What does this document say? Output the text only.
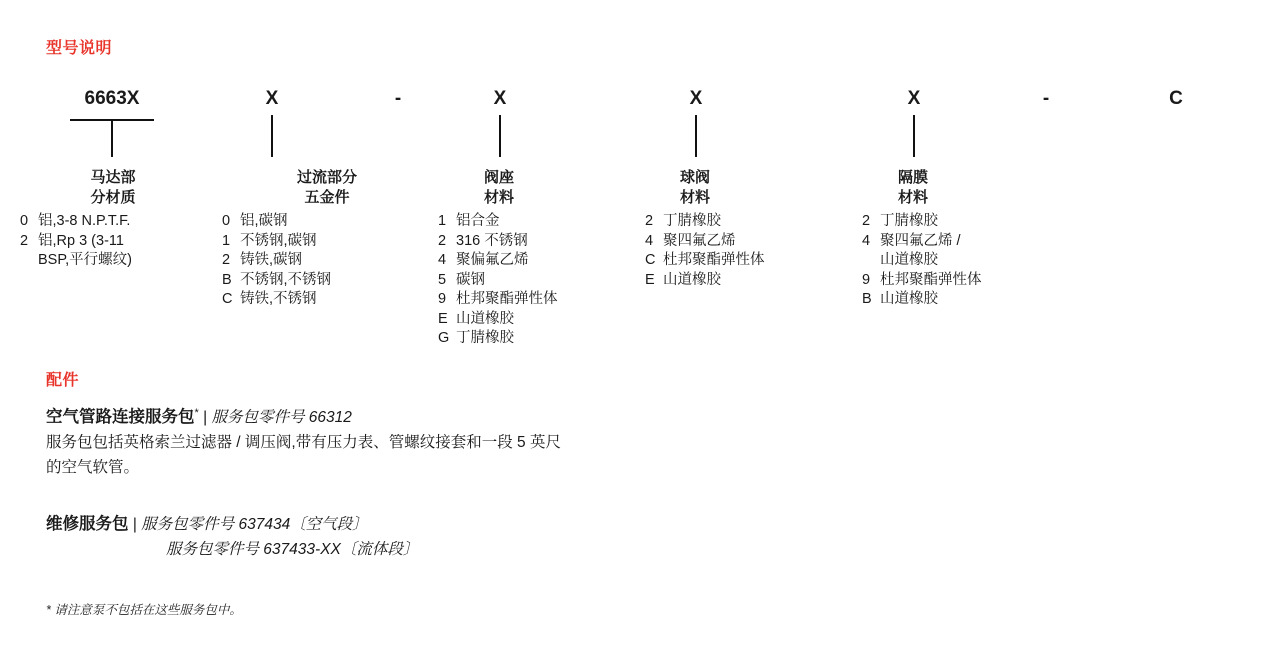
型号说明
6663X	X	-	X	X	X	-	C
马达部
分材质
0 铝,3-8 N.P.T.F.
2 铝,Rp 3 (3-11
BSP,平行螺纹)
过流部分
五金件
0 铝,碳钢
1 不锈钢,碳钢
2 铸铁,碳钢
B 不锈钢,不锈钢
C 铸铁,不锈钢
阀座
材料
1 铝合金
2 316 不锈钢
4 聚偏氟乙烯
5 碳钢
9 杜邦聚酯弹性体
E 山道橡胶
G 丁腈橡胶
球阀
材料
2 丁腈橡胶
4 聚四氟乙烯
C 杜邦聚酯弹性体
E 山道橡胶
隔膜
材料
2 丁腈橡胶
4 聚四氟乙烯 /
山道橡胶
9 杜邦聚酯弹性体
B 山道橡胶
配件
空气管路连接服务包* | 服务包零件号 66312
服务包包括英格索兰过滤器 / 调压阀,带有压力表、管螺纹接套和一段 5 英尺
的空气软管。
维修服务包 | 服务包零件号 637434〔空气段〕
服务包零件号 637433-XX〔流体段〕
* 请注意泵不包括在这些服务包中。
